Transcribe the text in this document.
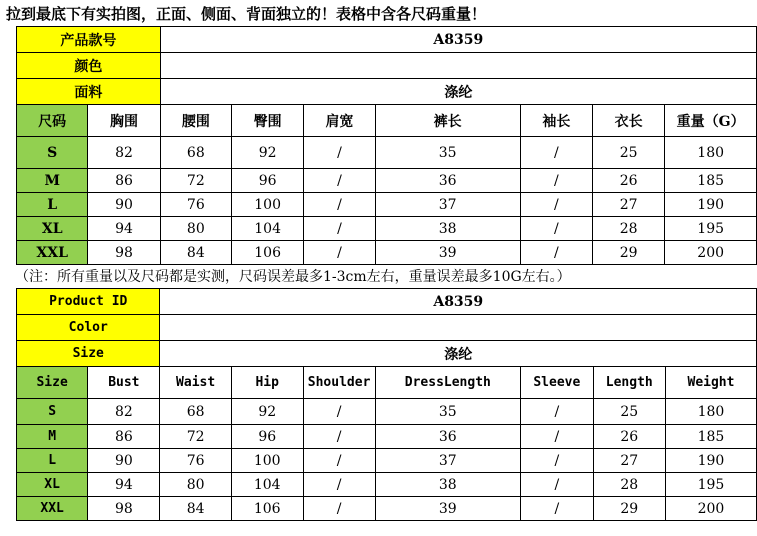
拉到最底下有实拍图，正面、侧面、背面独立的！表格中含各尺码重量！
产品款号		A8359						
颜色								
面料		涤纶						
尺码	胸围	腰围	臀围	肩宽	裤长	袖长	衣长	重量（G）
S	82	68	92	/	35	/	25	180
M	86	72	96	/	36	/	26	185
L	90	76	100	/	37	/	27	190
XL	94	80	104	/	38	/	28	195
XXL	98	84	106	/	39	/	29	200
（注：所有重量以及尺码都是实测，尺码误差最多1-3cm左右，重量误差最多10G左右。）
Product ID		A8359						
Color								
Size		涤纶						
Size	Bust	Waist	Hip	Shoulder	DressLength	Sleeve	Length	Weight
S	82	68	92	/	35	/	25	180
M	86	72	96	/	36	/	26	185
L	90	76	100	/	37	/	27	190
XL	94	80	104	/	38	/	28	195
XXL	98	84	106	/	39	/	29	200
